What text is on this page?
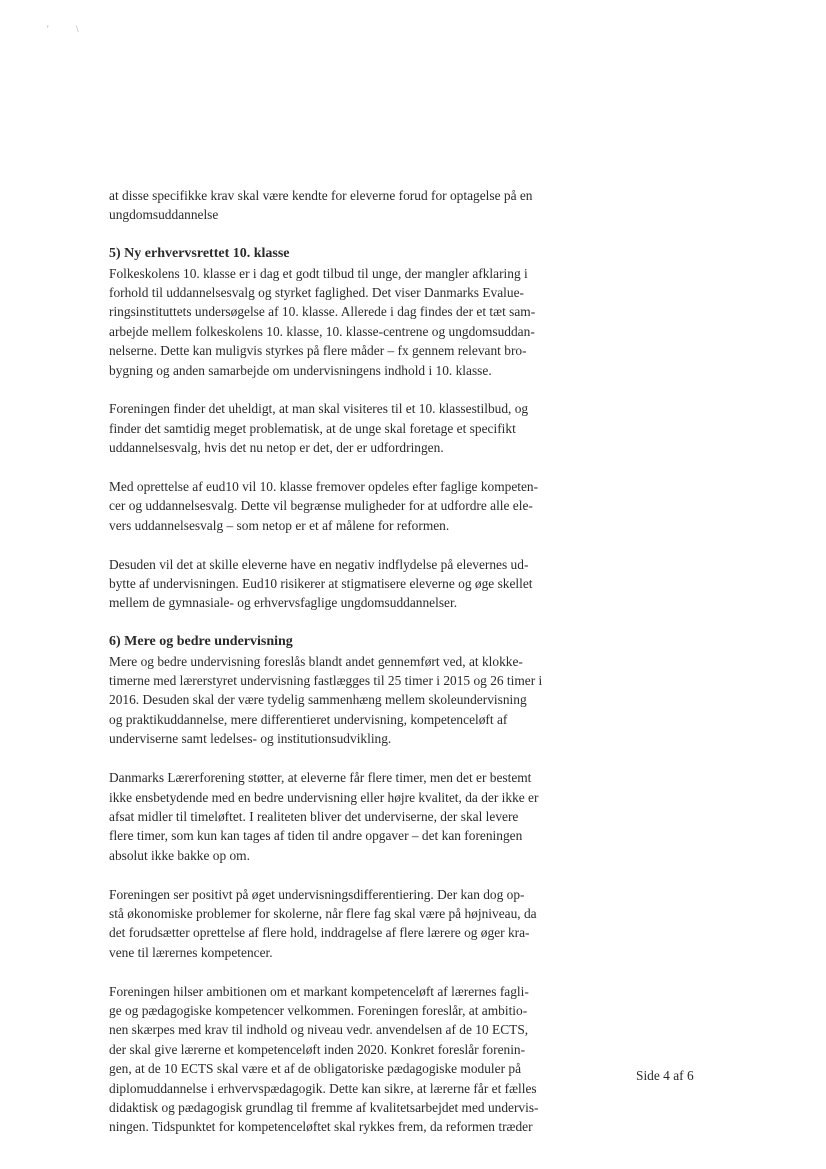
'	\
at disse specifikke krav skal være kendte for eleverne forud for optagelse på en
ungdomsuddannelse
5) Ny erhvervsrettet 10. klasse
Folkeskolens 10. klasse er i dag et godt tilbud til unge, der mangler afklaring i
forhold til uddannelsesvalg og styrket faglighed. Det viser Danmarks Evalue-
ringsinstituttets undersøgelse af 10. klasse. Allerede i dag findes der et tæt sam-
arbejde mellem folkeskolens 10. klasse, 10. klasse-centrene og ungdomsuddan-
nelserne. Dette kan muligvis styrkes på flere måder – fx gennem relevant bro-
bygning og anden samarbejde om undervisningens indhold i 10. klasse.
Foreningen finder det uheldigt, at man skal visiteres til et 10. klassestilbud, og
finder det samtidig meget problematisk, at de unge skal foretage et specifikt
uddannelsesvalg, hvis det nu netop er det, der er udfordringen.
Med oprettelse af eud10 vil 10. klasse fremover opdeles efter faglige kompeten-
cer og uddannelsesvalg. Dette vil begrænse muligheder for at udfordre alle ele-
vers uddannelsesvalg – som netop er et af målene for reformen.
Desuden vil det at skille eleverne have en negativ indflydelse på elevernes ud-
bytte af undervisningen. Eud10 risikerer at stigmatisere eleverne og øge skellet
mellem de gymnasiale- og erhvervsfaglige ungdomsuddannelser.
6) Mere og bedre undervisning
Mere og bedre undervisning foreslås blandt andet gennemført ved, at klokke-
timerne med lærerstyret undervisning fastlægges til 25 timer i 2015 og 26 timer i
2016. Desuden skal der være tydelig sammenhæng mellem skoleundervisning
og praktikuddannelse, mere differentieret undervisning, kompetenceløft af
underviserne samt ledelses- og institutionsudvikling.
Danmarks Lærerforening støtter, at eleverne får flere timer, men det er bestemt
ikke ensbetydende med en bedre undervisning eller højre kvalitet, da der ikke er
afsat midler til timeløftet. I realiteten bliver det underviserne, der skal levere
flere timer, som kun kan tages af tiden til andre opgaver – det kan foreningen
absolut ikke bakke op om.
Foreningen ser positivt på øget undervisningsdifferentiering. Der kan dog op-
stå økonomiske problemer for skolerne, når flere fag skal være på højniveau, da
det forudsætter oprettelse af flere hold, inddragelse af flere lærere og øger kra-
vene til lærernes kompetencer.
Foreningen hilser ambitionen om et markant kompetenceløft af lærernes fagli-
ge og pædagogiske kompetencer velkommen. Foreningen foreslår, at ambitio-
nen skærpes med krav til indhold og niveau vedr. anvendelsen af de 10 ECTS,
der skal give lærerne et kompetenceløft inden 2020. Konkret foreslår forenin-
gen, at de 10 ECTS skal være et af de obligatoriske pædagogiske moduler på
diplomuddannelse i erhvervspædagogik. Dette kan sikre, at lærerne får et fælles
didaktisk og pædagogisk grundlag til fremme af kvalitetsarbejdet med undervis-
ningen. Tidspunktet for kompetenceløftet skal rykkes frem, da reformen træder
Side 4 af 6
